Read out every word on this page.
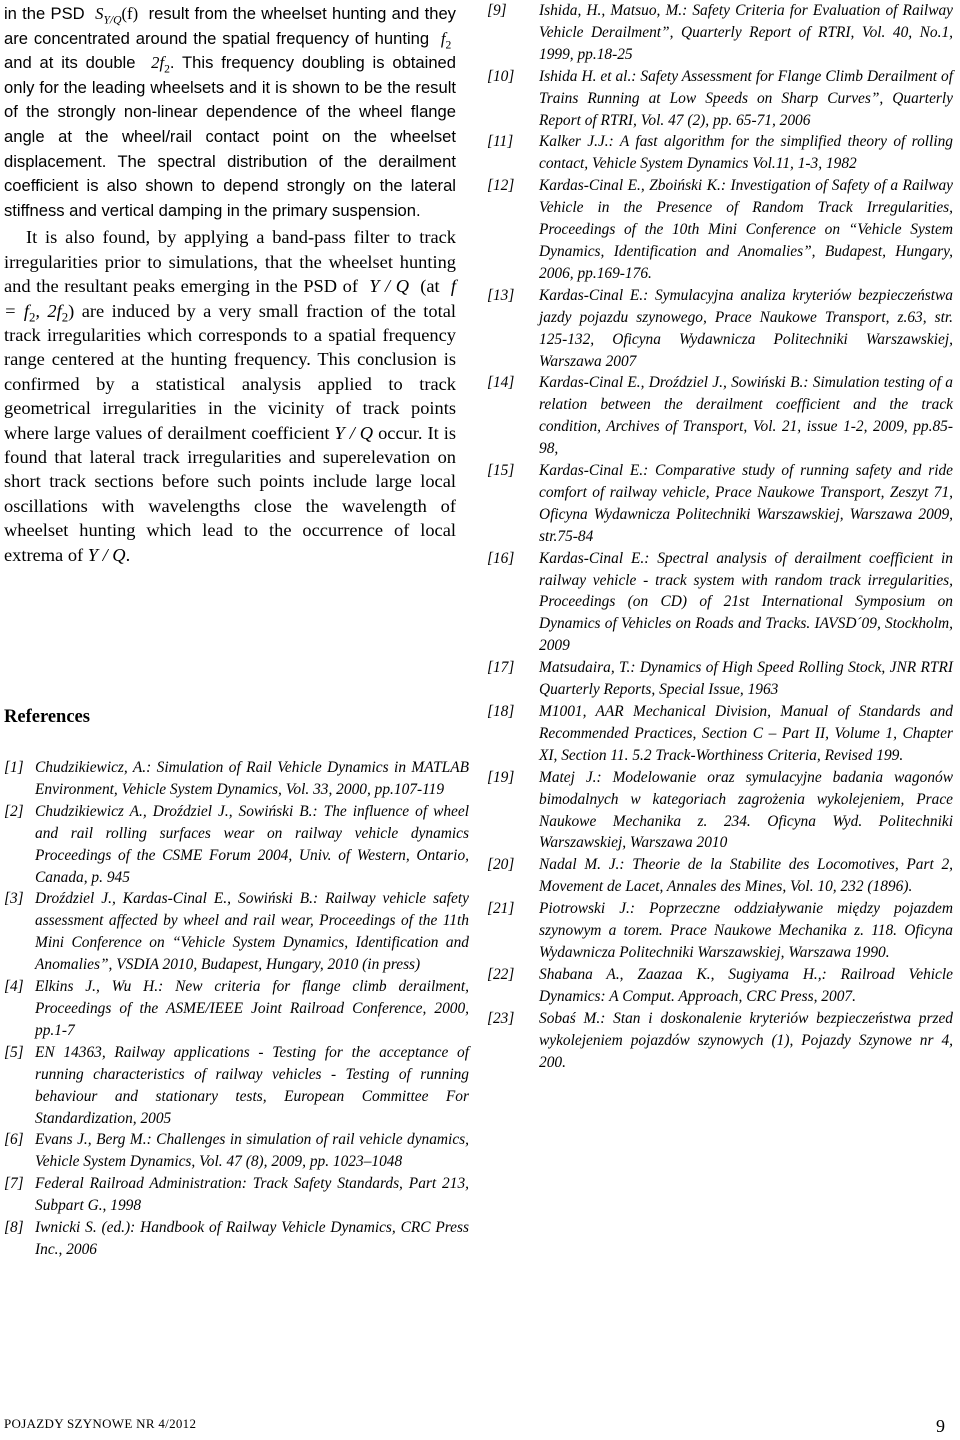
in the PSD $S_{Y/Q}(f)$ result from the wheelset hunting and they are concentrated around the spatial frequency of hunting $f_2$  and at its double $2f_2$. This frequency doubling is obtained only for the leading wheelsets and it is shown to be the result of the strongly non-linear dependence of the wheel flange angle at the wheel/rail contact point on the wheelset displacement. The spectral distribution of the derailment coefficient is also shown to depend strongly on the lateral stiffness and vertical damping in the primary suspension.

It is also found, by applying a band-pass filter to track irregularities prior to simulations, that the wheelset hunting and the resultant peaks emerging in the PSD of Y / Q (at $f = f_2$, $2f_2$) are induced by a very small fraction of the total track irregularities which corresponds to a spatial frequency range centered at the hunting frequency. This conclusion is confirmed by a statistical analysis applied to track geometrical irregularities in the vicinity of track points where large values of derailment coefficient Y / Q occur. It is found that lateral track irregularities and superelevation on short track sections before such points include large local oscillations with wavelengths close the wavelength of wheelset hunting which lead to the occurrence of local extrema of Y / Q.

References
[1] Chudzikiewicz, A.: Simulation of Rail Vehicle Dynamics in MATLAB Environment, Vehicle System Dynamics, Vol. 33, 2000, pp.107-119
[2] Chudzikiewicz A., Droździel J., Sowiński B.: The influence of wheel and rail rolling surfaces wear on railway vehicle dynamics Proceedings of the CSME Forum 2004, Univ. of Western, Ontario, Canada, p. 945
[3] Droździel J., Kardas-Cinal E., Sowiński B.: Railway vehicle safety assessment affected by wheel and rail wear, Proceedings of the 11th Mini Conference on “Vehicle System Dynamics, Identification and Anomalies”, VSDIA 2010, Budapest, Hungary, 2010 (in press)
[4] Elkins J., Wu H.: New criteria for flange climb derailment, Proceedings of the ASME/IEEE Joint Railroad Conference, 2000, pp.1-7
[5] EN 14363, Railway applications - Testing for the acceptance of running characteristics of railway vehicles - Testing of running behaviour and stationary tests, European Committee For Standardization, 2005
[6] Evans J., Berg M.: Challenges in simulation of rail vehicle dynamics, Vehicle System Dynamics, Vol. 47 (8), 2009, pp. 1023–1048
[7] Federal Railroad Administration: Track Safety Standards, Part 213, Subpart G., 1998
[8] Iwnicki S. (ed.): Handbook of Railway Vehicle Dynamics, CRC Press Inc., 2006
[9]	Ishida, H., Matsuo, M.: Safety Criteria for Evaluation of Railway Vehicle Derailment”, Quarterly Report of RTRI, Vol. 40, No.1, 1999, pp.18-25
[10]	Ishida H. et al.: Safety Assessment for Flange Climb Derailment of Trains Running at Low Speeds on Sharp Curves”, Quarterly Report of RTRI, Vol. 47 (2), pp. 65-71, 2006
[11]	Kalker J.J.: A fast algorithm for the simplified theory of rolling contact, Vehicle System Dynamics Vol.11, 1-3, 1982
[12]	Kardas-Cinal E., Zboiński K.: Investigation of Safety of a Railway Vehicle in the Presence of Random Track Irregularities, Proceedings of the 10th Mini Conference on “Vehicle System Dynamics, Identification and Anomalies”, Budapest, Hungary, 2006, pp.169-176.
[13]	Kardas-Cinal E.: Symulacyjna analiza kryteriów bezpieczeństwa jazdy pojazdu szynowego, Prace Naukowe Transport, z.63, str. 125-132, Oficyna Wydawnicza Politechniki Warszawskiej, Warszawa 2007
[14]	Kardas-Cinal E., Droździel J., Sowiński B.: Simulation testing of a relation between the derailment coefficient and the track condition, Archives of Transport, Vol. 21, issue 1-2, 2009, pp.85-98,
[15]	Kardas-Cinal E.: Comparative study of running safety and ride comfort of railway vehicle, Prace Naukowe Transport, Zeszyt 71, Oficyna Wydawnicza Politechniki Warszawskiej, Warszawa 2009, str.75-84
[16]	Kardas-Cinal E.: Spectral analysis of derailment coefficient in railway vehicle - track system with random track irregularities, Proceedings (on CD) of 21st International Symposium on Dynamics of Vehicles on Roads and Tracks. IAVSD´09, Stockholm, 2009
[17]	Matsudaira, T.: Dynamics of High Speed Rolling Stock, JNR RTRI Quarterly Reports, Special Issue, 1963
[18]	M1001, AAR Mechanical Division, Manual of Standards and Recommended Practices, Section C – Part II, Volume 1, Chapter XI, Section 11. 5.2 Track-Worthiness Criteria, Revised 199.
[19]	Matej J.: Modelowanie oraz symulacyjne badania wagonów bimodalnych w kategoriach zagrożenia wykolejeniem, Prace Naukowe Mechanika z. 234. Oficyna Wyd. Politechniki Warszawskiej, Warszawa 2010
[20]	Nadal M. J.: Theorie de la Stabilite des Locomotives, Part 2, Movement de Lacet, Annales des Mines, Vol. 10, 232 (1896).
[21]	Piotrowski J.: Poprzeczne oddziaływanie między pojazdem szynowym a torem. Prace Naukowe Mechanika z. 118. Oficyna Wydawnicza Politechniki Warszawskiej, Warszawa 1990.
[22]	Shabana A., Zaazaa K., Sugiyama H.,: Railroad Vehicle Dynamics: A Comput. Approach, CRC Press, 2007.
[23]	Sobaś M.: Stan i doskonalenie kryteriów bezpieczeństwa przed wykolejeniem pojazdów szynowych (1), Pojazdy Szynowe nr 4, 200.
POJAZDY SZYNOWE NR 4/2012	9
